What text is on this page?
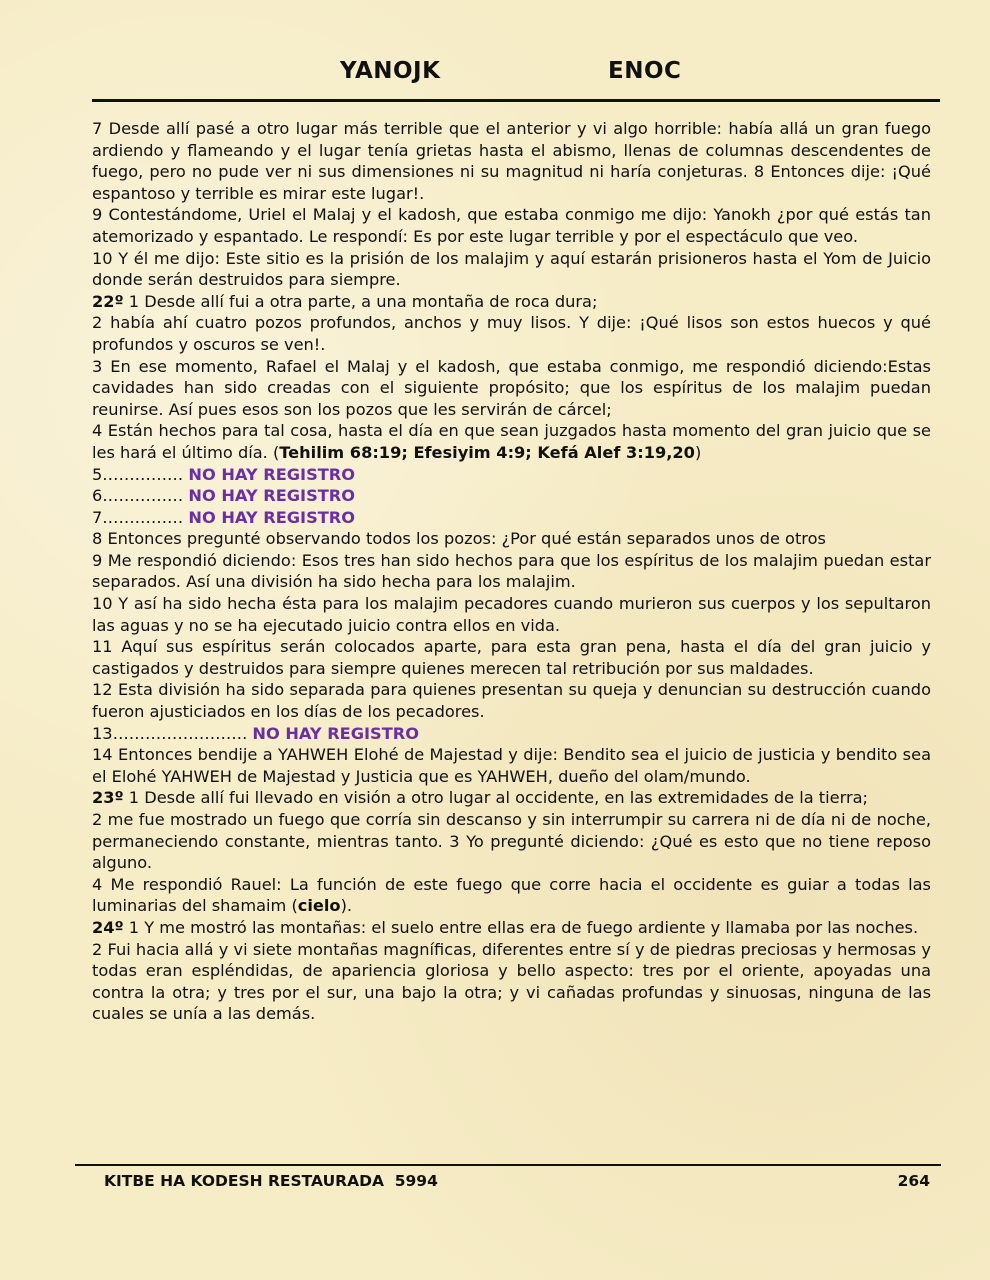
YANOJK	ENOC

7 Desde allí pasé a otro lugar más terrible que el anterior y vi algo horrible: había allá un gran fuego ardiendo y flameando y el lugar tenía grietas hasta el abismo, llenas de columnas descendentes de fuego, pero no pude ver ni sus dimensiones ni su magnitud ni haría conjeturas. 8 Entonces dije: ¡Qué espantoso y terrible es mirar este lugar!.

9 Contestándome, Uriel el Malaj y el kadosh, que estaba conmigo me dijo: Yanokh ¿por qué estás tan atemorizado y espantado. Le respondí: Es por este lugar terrible y por el espectáculo que veo.

10 Y él me dijo: Este sitio es la prisión de los malajim y aquí estarán prisioneros hasta el Yom de Juicio donde serán destruidos para siempre.

22º 1 Desde allí fui a otra parte, a una montaña de roca dura;

2 había ahí cuatro pozos profundos, anchos y muy lisos. Y dije: ¡Qué lisos son estos huecos y qué profundos y oscuros se ven!.

3 En ese momento, Rafael el Malaj y el kadosh, que estaba conmigo, me respondió diciendo:Estas cavidades han sido creadas con el siguiente propósito; que los espíritus de los malajim puedan reunirse. Así pues esos son los pozos que les servirán de cárcel;

4 Están hechos para tal cosa, hasta el día en que sean juzgados hasta momento del gran juicio que se les hará el último día. (Tehilim 68:19; Efesiyim 4:9; Kefá Alef 3:19,20)

5…………… NO HAY REGISTRO

6…………… NO HAY REGISTRO

7…………… NO HAY REGISTRO

8 Entonces pregunté observando todos los pozos: ¿Por qué están separados unos de otros

9 Me respondió diciendo: Esos tres han sido hechos para que los espíritus de los malajim puedan estar separados. Así una división ha sido hecha para los malajim.

10 Y así ha sido hecha ésta para los malajim pecadores cuando murieron sus cuerpos y los sepultaron las aguas y no se ha ejecutado juicio contra ellos en vida.

11 Aquí sus espíritus serán colocados aparte, para esta gran pena, hasta el día del gran juicio y castigados y destruidos para siempre quienes merecen tal retribución por sus maldades.

12 Esta división ha sido separada para quienes presentan su queja y denuncian su destrucción cuando fueron ajusticiados en los días de los pecadores.

13……………………. NO HAY REGISTRO

14 Entonces bendije a YAHWEH Elohé de Majestad y dije: Bendito sea el juicio de justicia y bendito sea el Elohé YAHWEH de Majestad y Justicia que es YAHWEH, dueño del olam/mundo.

23º 1 Desde allí fui llevado en visión a otro lugar al occidente, en las extremidades de la tierra;

2 me fue mostrado un fuego que corría sin descanso y sin interrumpir su carrera ni de día ni de noche, permaneciendo constante, mientras tanto. 3 Yo pregunté diciendo: ¿Qué es esto que no tiene reposo alguno.

4 Me respondió Rauel: La función de este fuego que corre hacia el occidente es guiar a todas las luminarias del shamaim (cielo).

24º 1 Y me mostró las montañas: el suelo entre ellas era de fuego ardiente y llamaba por las noches.

2 Fui hacia allá y vi siete montañas magníficas, diferentes entre sí y de piedras preciosas y hermosas y todas eran espléndidas, de apariencia gloriosa y bello aspecto: tres por el oriente, apoyadas una contra la otra; y tres por el sur, una bajo la otra; y vi cañadas profundas y sinuosas, ninguna de las cuales se unía a las demás.

KITBE HA KODESH RESTAURADA  5994	264
